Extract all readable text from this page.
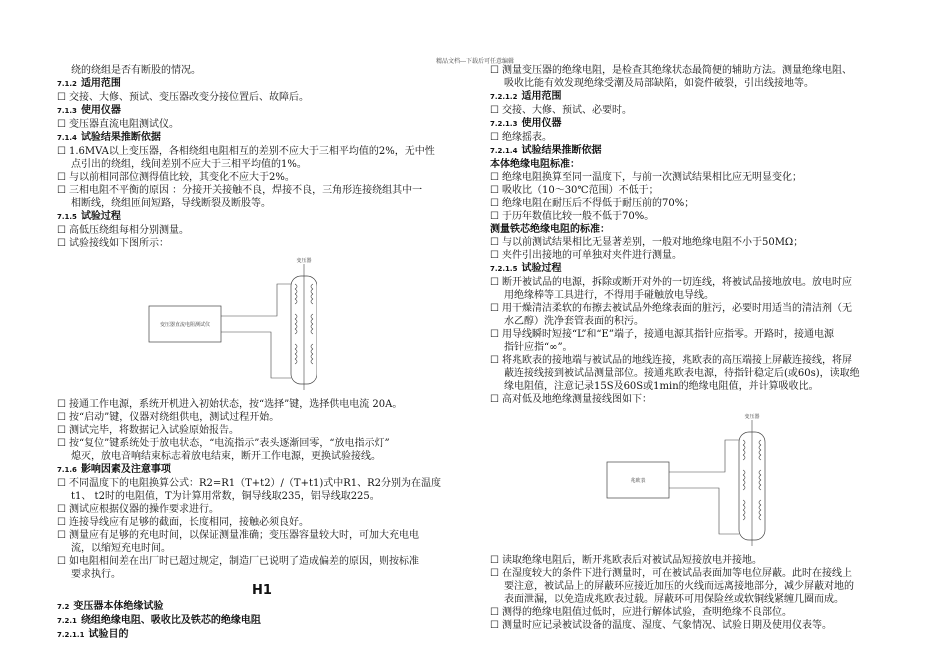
精品文档---下载后可任意编辑
绕的绕组是否有断股的情况。
7.1.2 适用范围
☐ 交接、大修、预试、变压器改变分接位置后、故障后。
7.1.3 使用仪器
☐ 变压器直流电阻测试仪。
7.1.4 试验结果推断依据
☐ 1.6MVA以上变压器，各相绕组电阻相互的差别不应大于三相平均值的2%，无中性
点引出的绕组，线间差别不应大于三相平均值的1%。
☐ 与以前相同部位测得值比较，其变化不应大于2%。
☐ 三相电阻不平衡的原因 ：分接开关接触不良，焊接不良，三角形连接绕组其中一
相断线，绕组匝间短路，导线断裂及断股等。
7.1.5 试验过程
☐ 高低压绕组每相分别测量。
☐ 试验接线如下图所示：
变压器
变压器直流电阻测试仪
☐ 接通工作电源，系统开机进入初始状态，按“选择”键，选择供电电流 20A。
☐ 按“启动”键，仪器对绕组供电，测试过程开始。
☐ 测试完毕，将数据记入试验原始报告。
☐ 按“复位”键系统处于放电状态，“电流指示”表头逐渐回零，“放电指示灯”
熄灭，放电音响结束标志着放电结束，断开工作电源，更换试验接线。
7.1.6 影响因素及注意事项
☐ 不同温度下的电阻换算公式：R2=R1（T+t2）/（T+t1)式中R1、R2分别为在温度
t1、 t2时的电阻值，T为计算用常数，铜导线取235，铝导线取225。
☐ 测试应根据仪器的操作要求进行。
☐ 连接导线应有足够的截面，长度相同，接触必须良好。
☐ 测量应有足够的充电时间，以保证测量准确；变压器容量较大时，可加大充电电
流，以缩短充电时间。
☐ 如电阻相间差在出厂时已超过规定，制造厂已说明了造成偏差的原因，则按标准
要求执行。
H1
7.2 变压器本体绝缘试验
7.2.1 绕组绝缘电阻、吸收比及铁芯的绝缘电阻
7.2.1.1 试验目的
☐ 测量变压器的绝缘电阻，是检查其绝缘状态最简便的辅助方法。测量绝缘电阻、
吸收比能有效发现绝缘受潮及局部缺陷，如瓷件破裂，引出线接地等。
7.2.1.2 适用范围
☐ 交接、大修、预试、必要时。
7.2.1.3 使用仪器
☐ 绝缘摇表。
7.2.1.4 试验结果推断依据
本体绝缘电阻标准：
☐ 绝缘电阻换算至同一温度下，与前一次测试结果相比应无明显变化；
☐ 吸收比（10〜30℃范围）不低于；
☐ 绝缘电阻在耐压后不得低于耐压前的70%；
☐ 于历年数值比较一般不低于70%。
测量铁芯绝缘电阻的标准：
☐ 与以前测试结果相比无显著差别，一般对地绝缘电阻不小于50MΩ；
☐ 夹件引出接地的可单独对夹件进行测量。
7.2.1.5 试验过程
☐ 断开被试品的电源，拆除或断开对外的一切连线，将被试品接地放电。放电时应
用绝缘棒等工具进行，不得用手碰触放电导线。
☐ 用干燥清洁柔软的布擦去被试品外绝缘表面的脏污，必要时用适当的清洁剂（无
水乙醇）洗净套管表面的积污。
☐ 用导线瞬时短接“L”和“E”端子，接通电源其指针应指零。开路时，接通电源
指针应指“∞”。
☐ 将兆欧表的接地端与被试品的地线连接，兆欧表的高压端接上屏蔽连接线，将屏
蔽连接线接到被试品测量部位。接通兆欧表电源，待指针稳定后(或60s)，读取绝
缘电阻值，注意记录15S及60S或1min的绝缘电阻值，并计算吸收比。
☐ 高对低及地绝缘测量接线图如下：
变压器
兆欧表
☐ 读取绝缘电阻后，断开兆欧表后对被试品短接放电并接地。
☐ 在湿度较大的条件下进行测量时，可在被试品表面加等电位屏蔽。此时在接线上
要注意，被试品上的屏蔽环应接近加压的火线而远离接地部分，减少屏蔽对地的
表面泄漏，以免造成兆欧表过载。屏蔽环可用保险丝或软铜线紧缠几圈而成。
☐ 测得的绝缘电阻值过低时，应进行解体试验，查明绝缘不良部位。
☐ 测量时应记录被试设备的温度、湿度、气象情况、试验日期及使用仪表等。
